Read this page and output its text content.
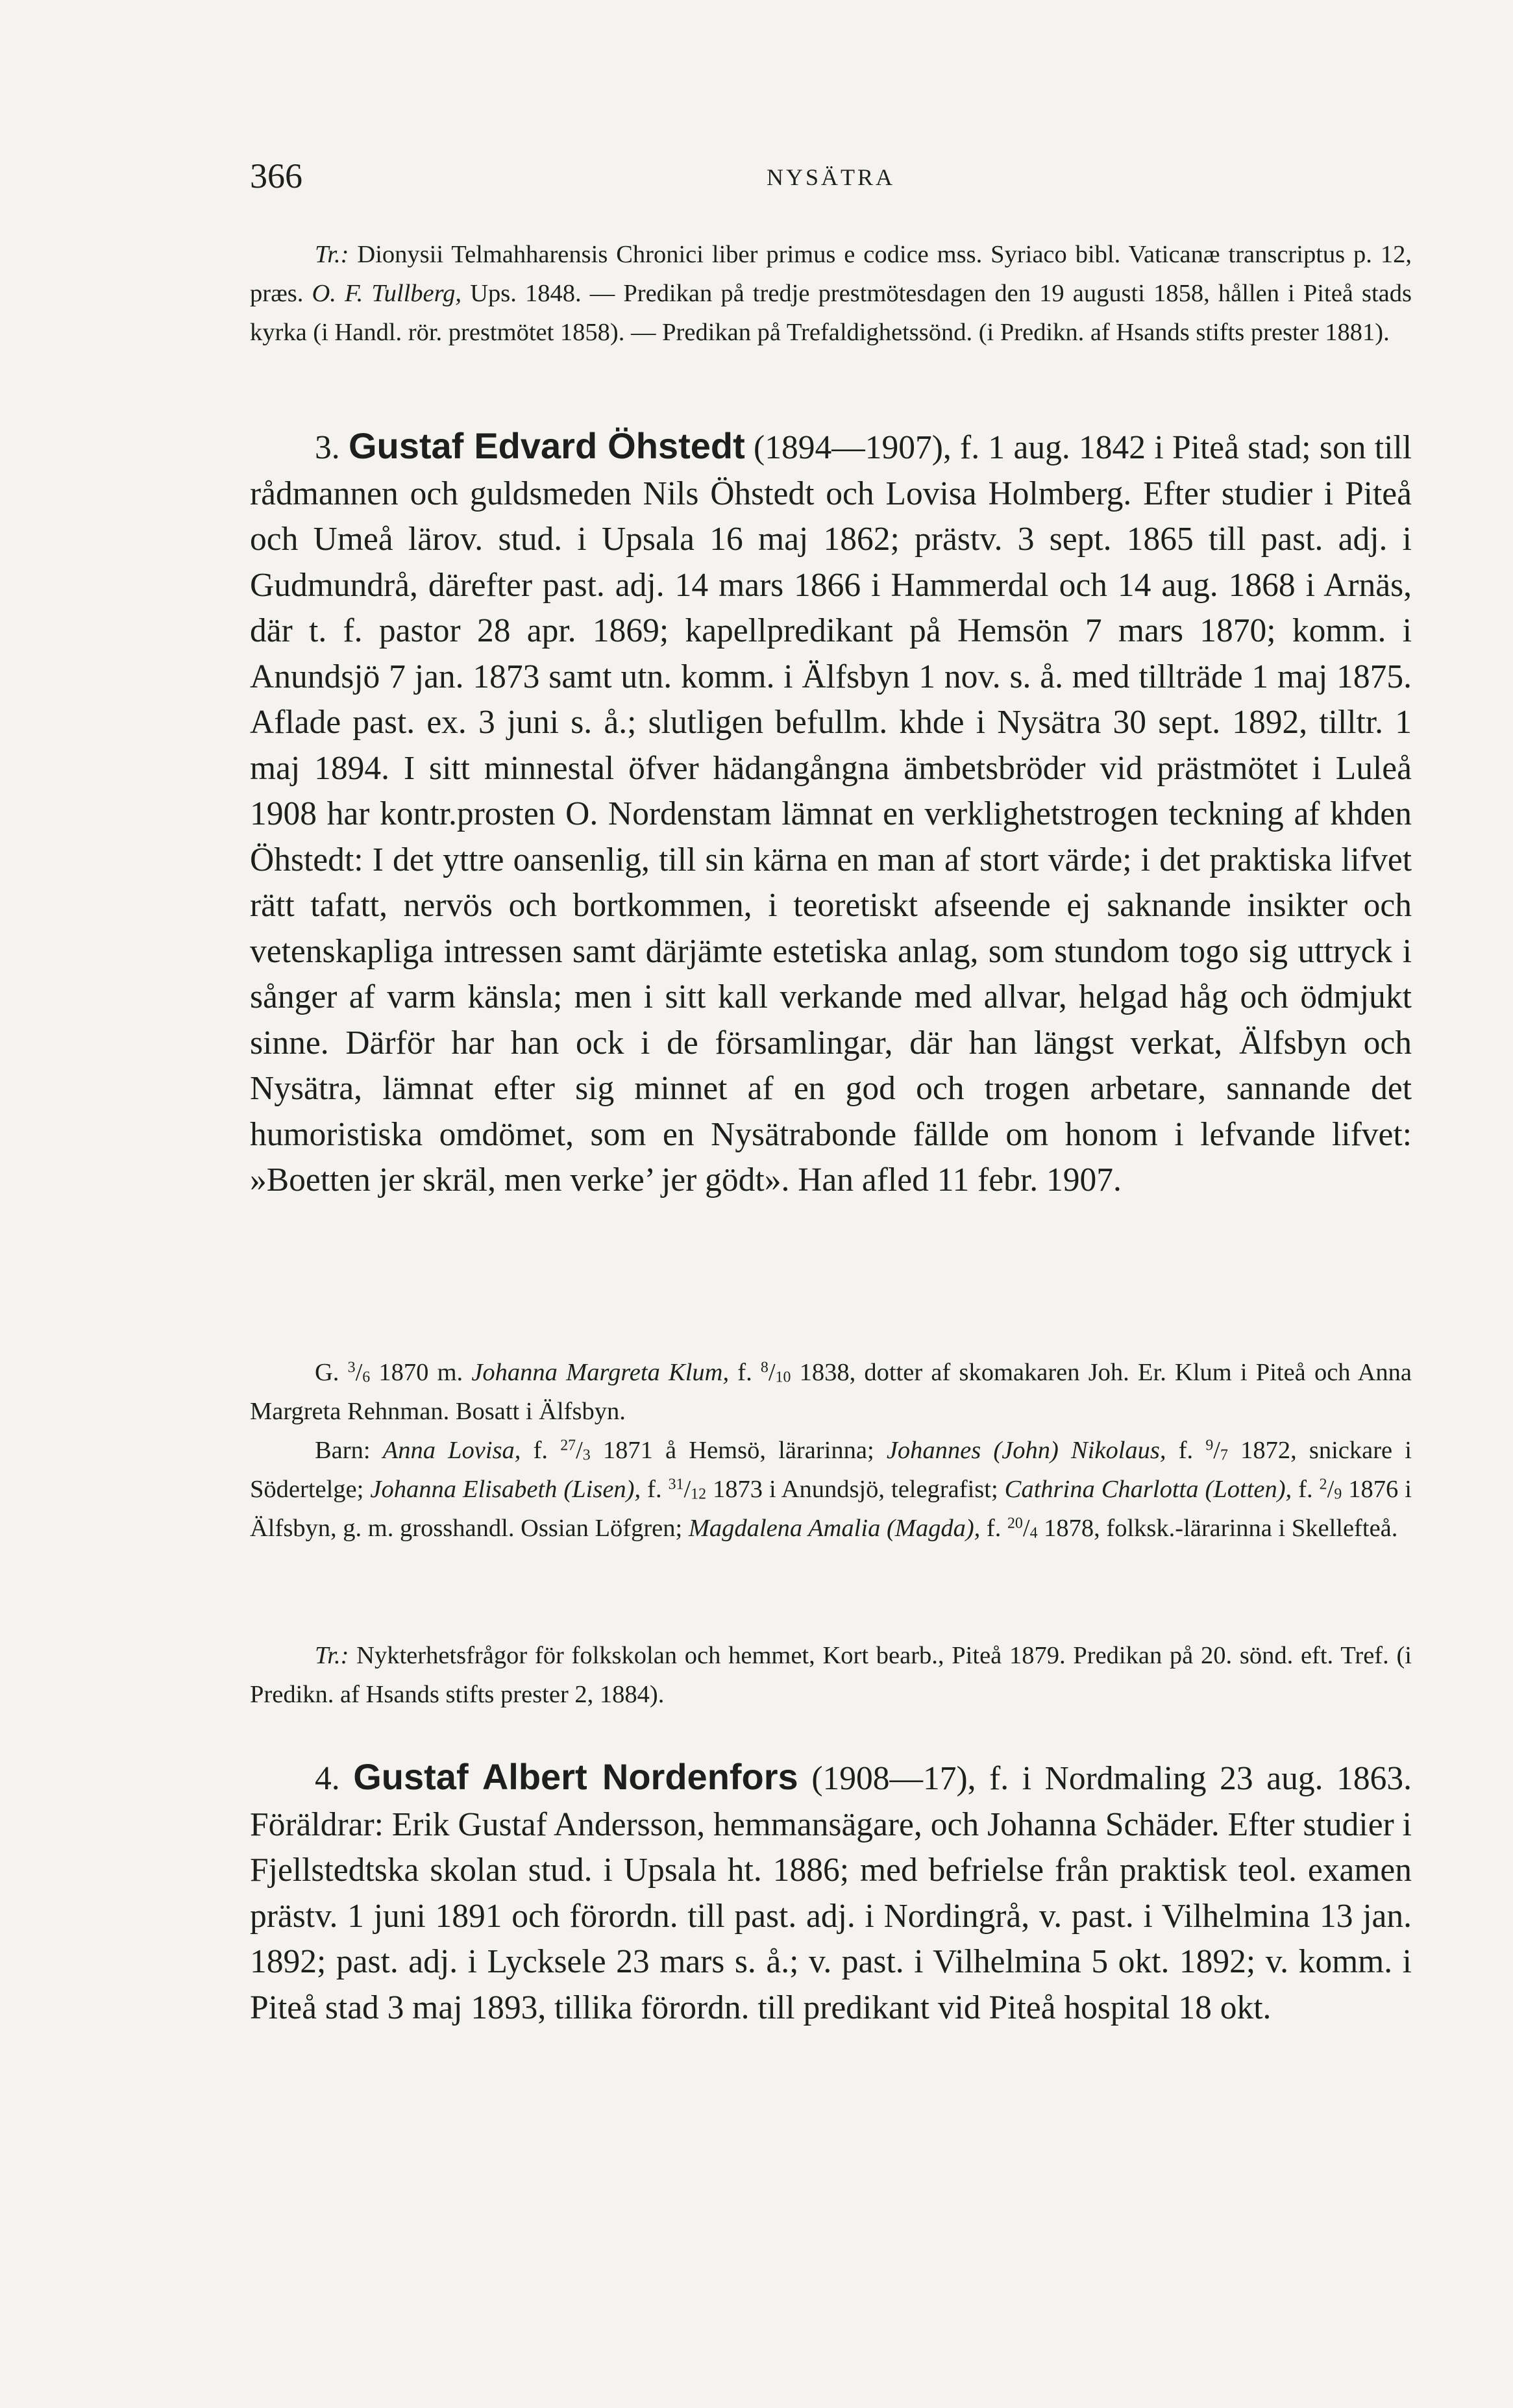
366	NYSÄTRA

Tr.: Dionysii Telmahharensis Chronici liber primus e codice mss. Syriaco bibl. Vaticanæ transcriptus p. 12, præs. O. F. Tullberg, Ups. 1848. — Predikan på tredje prestmötesdagen den 19 augusti 1858, hållen i Piteå stads kyrka (i Handl. rör. prestmötet 1858). — Predikan på Trefaldighetssönd. (i Predikn. af Hsands stifts prester 1881).

3. Gustaf Edvard Öhstedt (1894—1907), f. 1 aug. 1842 i Piteå stad; son till rådmannen och guldsmeden Nils Öhstedt och Lovisa Holmberg. Efter studier i Piteå och Umeå lärov. stud. i Upsala 16 maj 1862; prästv. 3 sept. 1865 till past. adj. i Gudmundrå, därefter past. adj. 14 mars 1866 i Hammerdal och 14 aug. 1868 i Arnäs, där t. f. pastor 28 apr. 1869; kapellpredikant på Hemsön 7 mars 1870; komm. i Anundsjö 7 jan. 1873 samt utn. komm. i Älfsbyn 1 nov. s. å. med tillträde 1 maj 1875. Aflade past. ex. 3 juni s. å.; slutligen befullm. khde i Nysätra 30 sept. 1892, tilltr. 1 maj 1894. I sitt minnestal öfver hädangångna ämbetsbröder vid prästmötet i Luleå 1908 har kontr.prosten O. Nordenstam lämnat en verklighetstrogen teckning af khden Öhstedt: I det yttre oansenlig, till sin kärna en man af stort värde; i det praktiska lifvet rätt tafatt, nervös och bortkommen, i teoretiskt afseende ej saknande insikter och vetenskapliga intressen samt därjämte estetiska anlag, som stundom togo sig uttryck i sånger af varm känsla; men i sitt kall verkande med allvar, helgad håg och ödmjukt sinne. Därför har han ock i de församlingar, där han längst verkat, Älfsbyn och Nysätra, lämnat efter sig minnet af en god och trogen arbetare, sannande det humoristiska omdömet, som en Nysätrabonde fällde om honom i lefvande lifvet: »Boetten jer skräl, men verke’ jer gödt». Han afled 11 febr. 1907.

G. $^3/_6$ 1870 m. Johanna Margreta Klum, f. $^8/_{10}$ 1838, dotter af skomakaren Joh. Er. Klum i Piteå och Anna Margreta Rehnman. Bosatt i Älfsbyn.

Barn: Anna Lovisa, f. $^{27}/_3$ 1871 å Hemsö, lärarinna; Johannes (John) Nikolaus, f. $^9/_7$ 1872, snickare i Södertelge; Johanna Elisabeth (Lisen), f. $^{31}/_{12}$ 1873 i Anundsjö, telegrafist; Cathrina Charlotta (Lotten), f. $^2/_9$ 1876 i Älfsbyn, g. m. grosshandl. Ossian Löfgren; Magdalena Amalia (Magda), f. $^{20}/_4$ 1878, folksk.-lärarinna i Skellefteå.

Tr.: Nykterhetsfrågor för folkskolan och hemmet, Kort bearb., Piteå 1879. Predikan på 20. sönd. eft. Tref. (i Predikn. af Hsands stifts prester 2, 1884).

4. Gustaf Albert Nordenfors (1908—17), f. i Nordmaling 23 aug. 1863. Föräldrar: Erik Gustaf Andersson, hemmansägare, och Johanna Schäder. Efter studier i Fjellstedtska skolan stud. i Upsala ht. 1886; med befrielse från praktisk teol. examen prästv. 1 juni 1891 och förordn. till past. adj. i Nordingrå, v. past. i Vilhelmina 13 jan. 1892; past. adj. i Lycksele 23 mars s. å.; v. past. i Vilhelmina 5 okt. 1892; v. komm. i Piteå stad 3 maj 1893, tillika förordn. till predikant vid Piteå hospital 18 okt.
